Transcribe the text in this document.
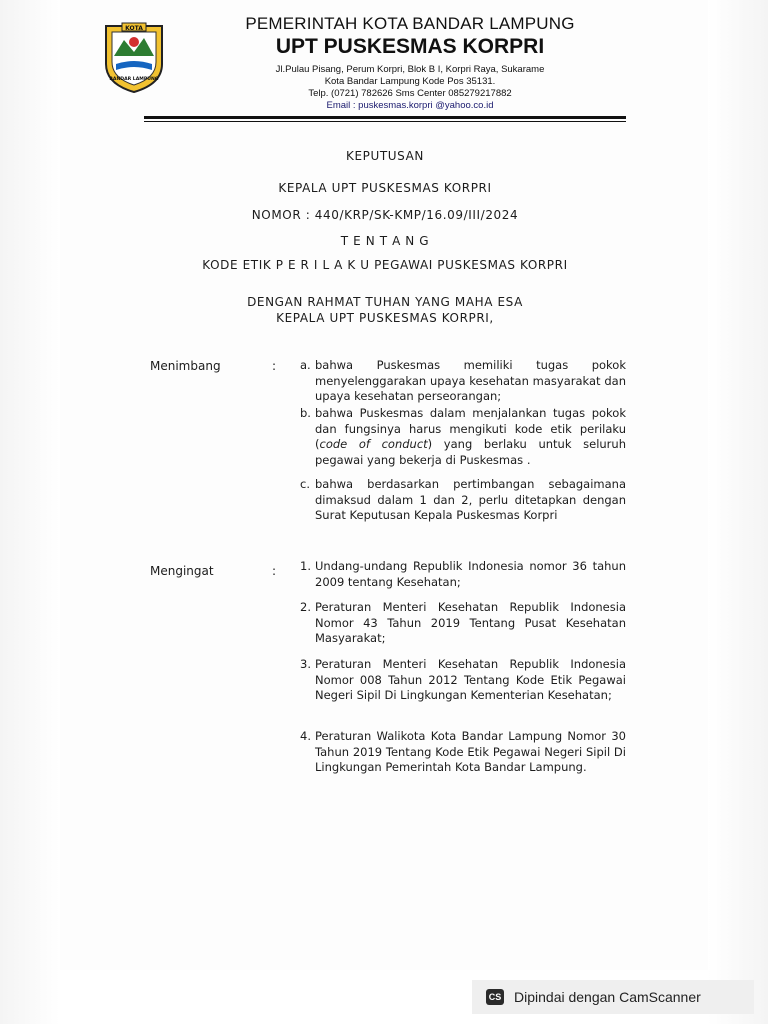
KOTA
BANDAR LAMPUNG
PEMERINTAH KOTA BANDAR LAMPUNG
UPT PUSKESMAS KORPRI
Jl.Pulau Pisang, Perum Korpri, Blok B I, Korpri Raya, Sukarame
Kota Bandar Lampung Kode Pos 35131.
Telp. (0721) 782626 Sms Center 085279217882
Email : puskesmas.korpri @yahoo.co.id
KEPUTUSAN
KEPALA UPT PUSKESMAS KORPRI
NOMOR : 440/KRP/SK-KMP/16.09/III/2024
T E N T A N G
KODE ETIK P E R I L A K U PEGAWAI PUSKESMAS KORPRI
DENGAN RAHMAT TUHAN YANG MAHA ESA
KEPALA UPT PUSKESMAS KORPRI,
Menimbang	: a. bahwa Puskesmas memiliki tugas pokok menyelenggarakan upaya kesehatan masyarakat dan upaya kesehatan perseorangan;
b. bahwa Puskesmas dalam menjalankan tugas pokok dan fungsinya harus mengikuti kode etik perilaku (code of conduct) yang berlaku untuk seluruh pegawai yang bekerja di Puskesmas .
c. bahwa berdasarkan pertimbangan sebagaimana dimaksud dalam 1 dan 2, perlu ditetapkan dengan Surat Keputusan Kepala Puskesmas Korpri
Mengingat	: 1. Undang-undang Republik Indonesia nomor 36 tahun 2009 tentang Kesehatan;
2. Peraturan Menteri Kesehatan Republik Indonesia Nomor 43 Tahun 2019 Tentang Pusat Kesehatan Masyarakat;
3. Peraturan Menteri Kesehatan Republik Indonesia Nomor 008 Tahun 2012 Tentang Kode Etik Pegawai Negeri Sipil Di Lingkungan Kementerian Kesehatan;
4. Peraturan Walikota Kota Bandar Lampung Nomor 30 Tahun 2019 Tentang Kode Etik Pegawai Negeri Sipil Di Lingkungan Pemerintah Kota Bandar Lampung.
CS Dipindai dengan CamScanner
